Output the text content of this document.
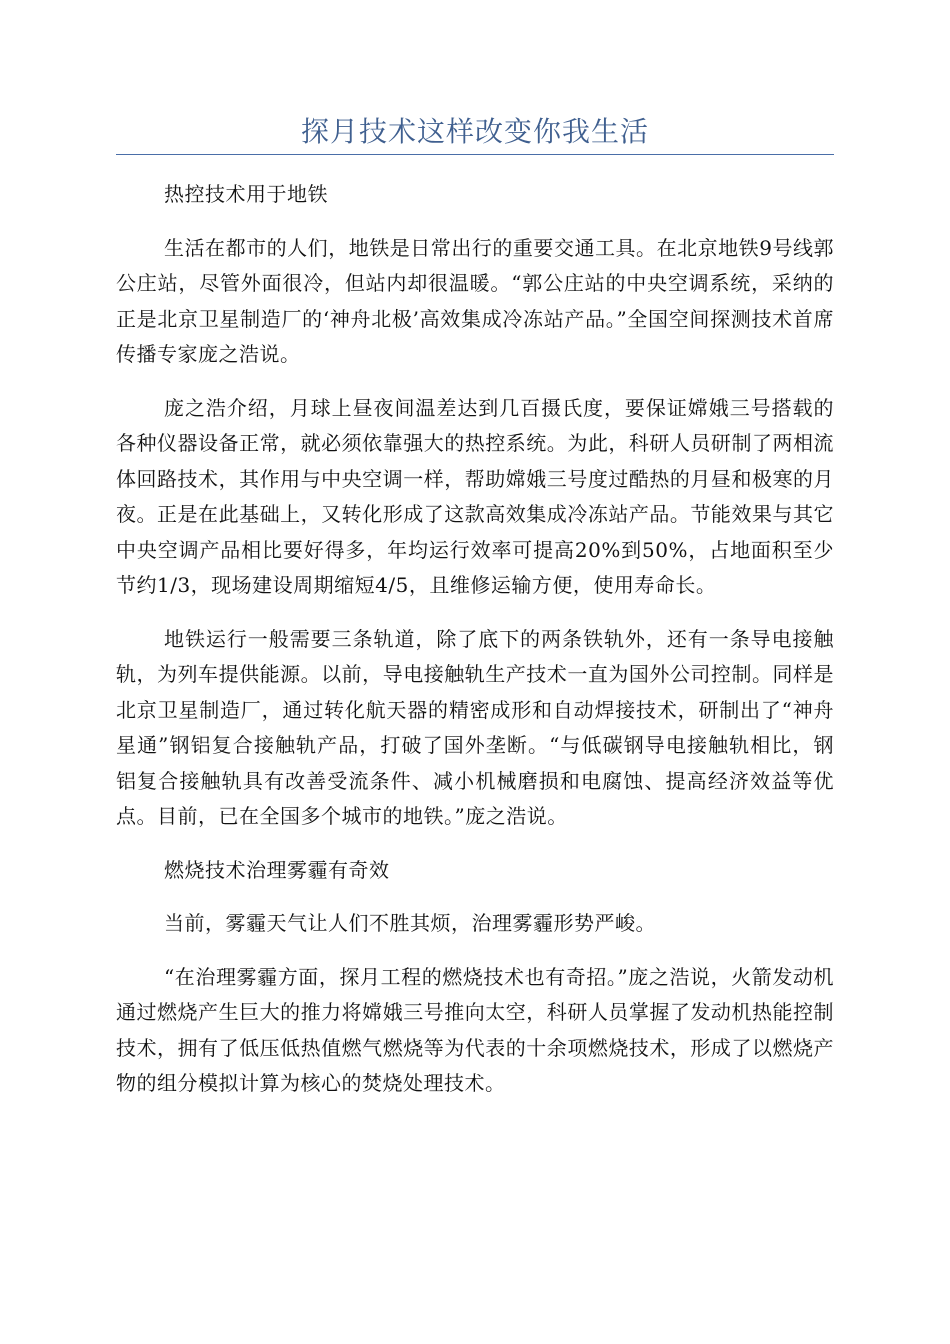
探月技术这样改变你我生活

热控技术用于地铁

生活在都市的人们，地铁是日常出行的重要交通工具。在北京地铁9号线郭公庄站，尽管外面很冷，但站内却很温暖。“郭公庄站的中央空调系统，采纳的正是北京卫星制造厂的‘神舟北极’高效集成冷冻站产品。”全国空间探测技术首席传播专家庞之浩说。

庞之浩介绍，月球上昼夜间温差达到几百摄氏度，要保证嫦娥三号搭载的各种仪器设备正常，就必须依靠强大的热控系统。为此，科研人员研制了两相流体回路技术，其作用与中央空调一样，帮助嫦娥三号度过酷热的月昼和极寒的月夜。正是在此基础上，又转化形成了这款高效集成冷冻站产品。节能效果与其它中央空调产品相比要好得多，年均运行效率可提高20%到50%，占地面积至少节约1/3，现场建设周期缩短4/5，且维修运输方便，使用寿命长。

地铁运行一般需要三条轨道，除了底下的两条铁轨外，还有一条导电接触轨，为列车提供能源。以前，导电接触轨生产技术一直为国外公司控制。同样是北京卫星制造厂，通过转化航天器的精密成形和自动焊接技术，研制出了“神舟星通”钢铝复合接触轨产品，打破了国外垄断。“与低碳钢导电接触轨相比，钢铝复合接触轨具有改善受流条件、减小机械磨损和电腐蚀、提高经济效益等优点。目前，已在全国多个城市的地铁。”庞之浩说。

燃烧技术治理雾霾有奇效

当前，雾霾天气让人们不胜其烦，治理雾霾形势严峻。

“在治理雾霾方面，探月工程的燃烧技术也有奇招。”庞之浩说，火箭发动机通过燃烧产生巨大的推力将嫦娥三号推向太空，科研人员掌握了发动机热能控制技术，拥有了低压低热值燃气燃烧等为代表的十余项燃烧技术，形成了以燃烧产物的组分模拟计算为核心的焚烧处理技术。
